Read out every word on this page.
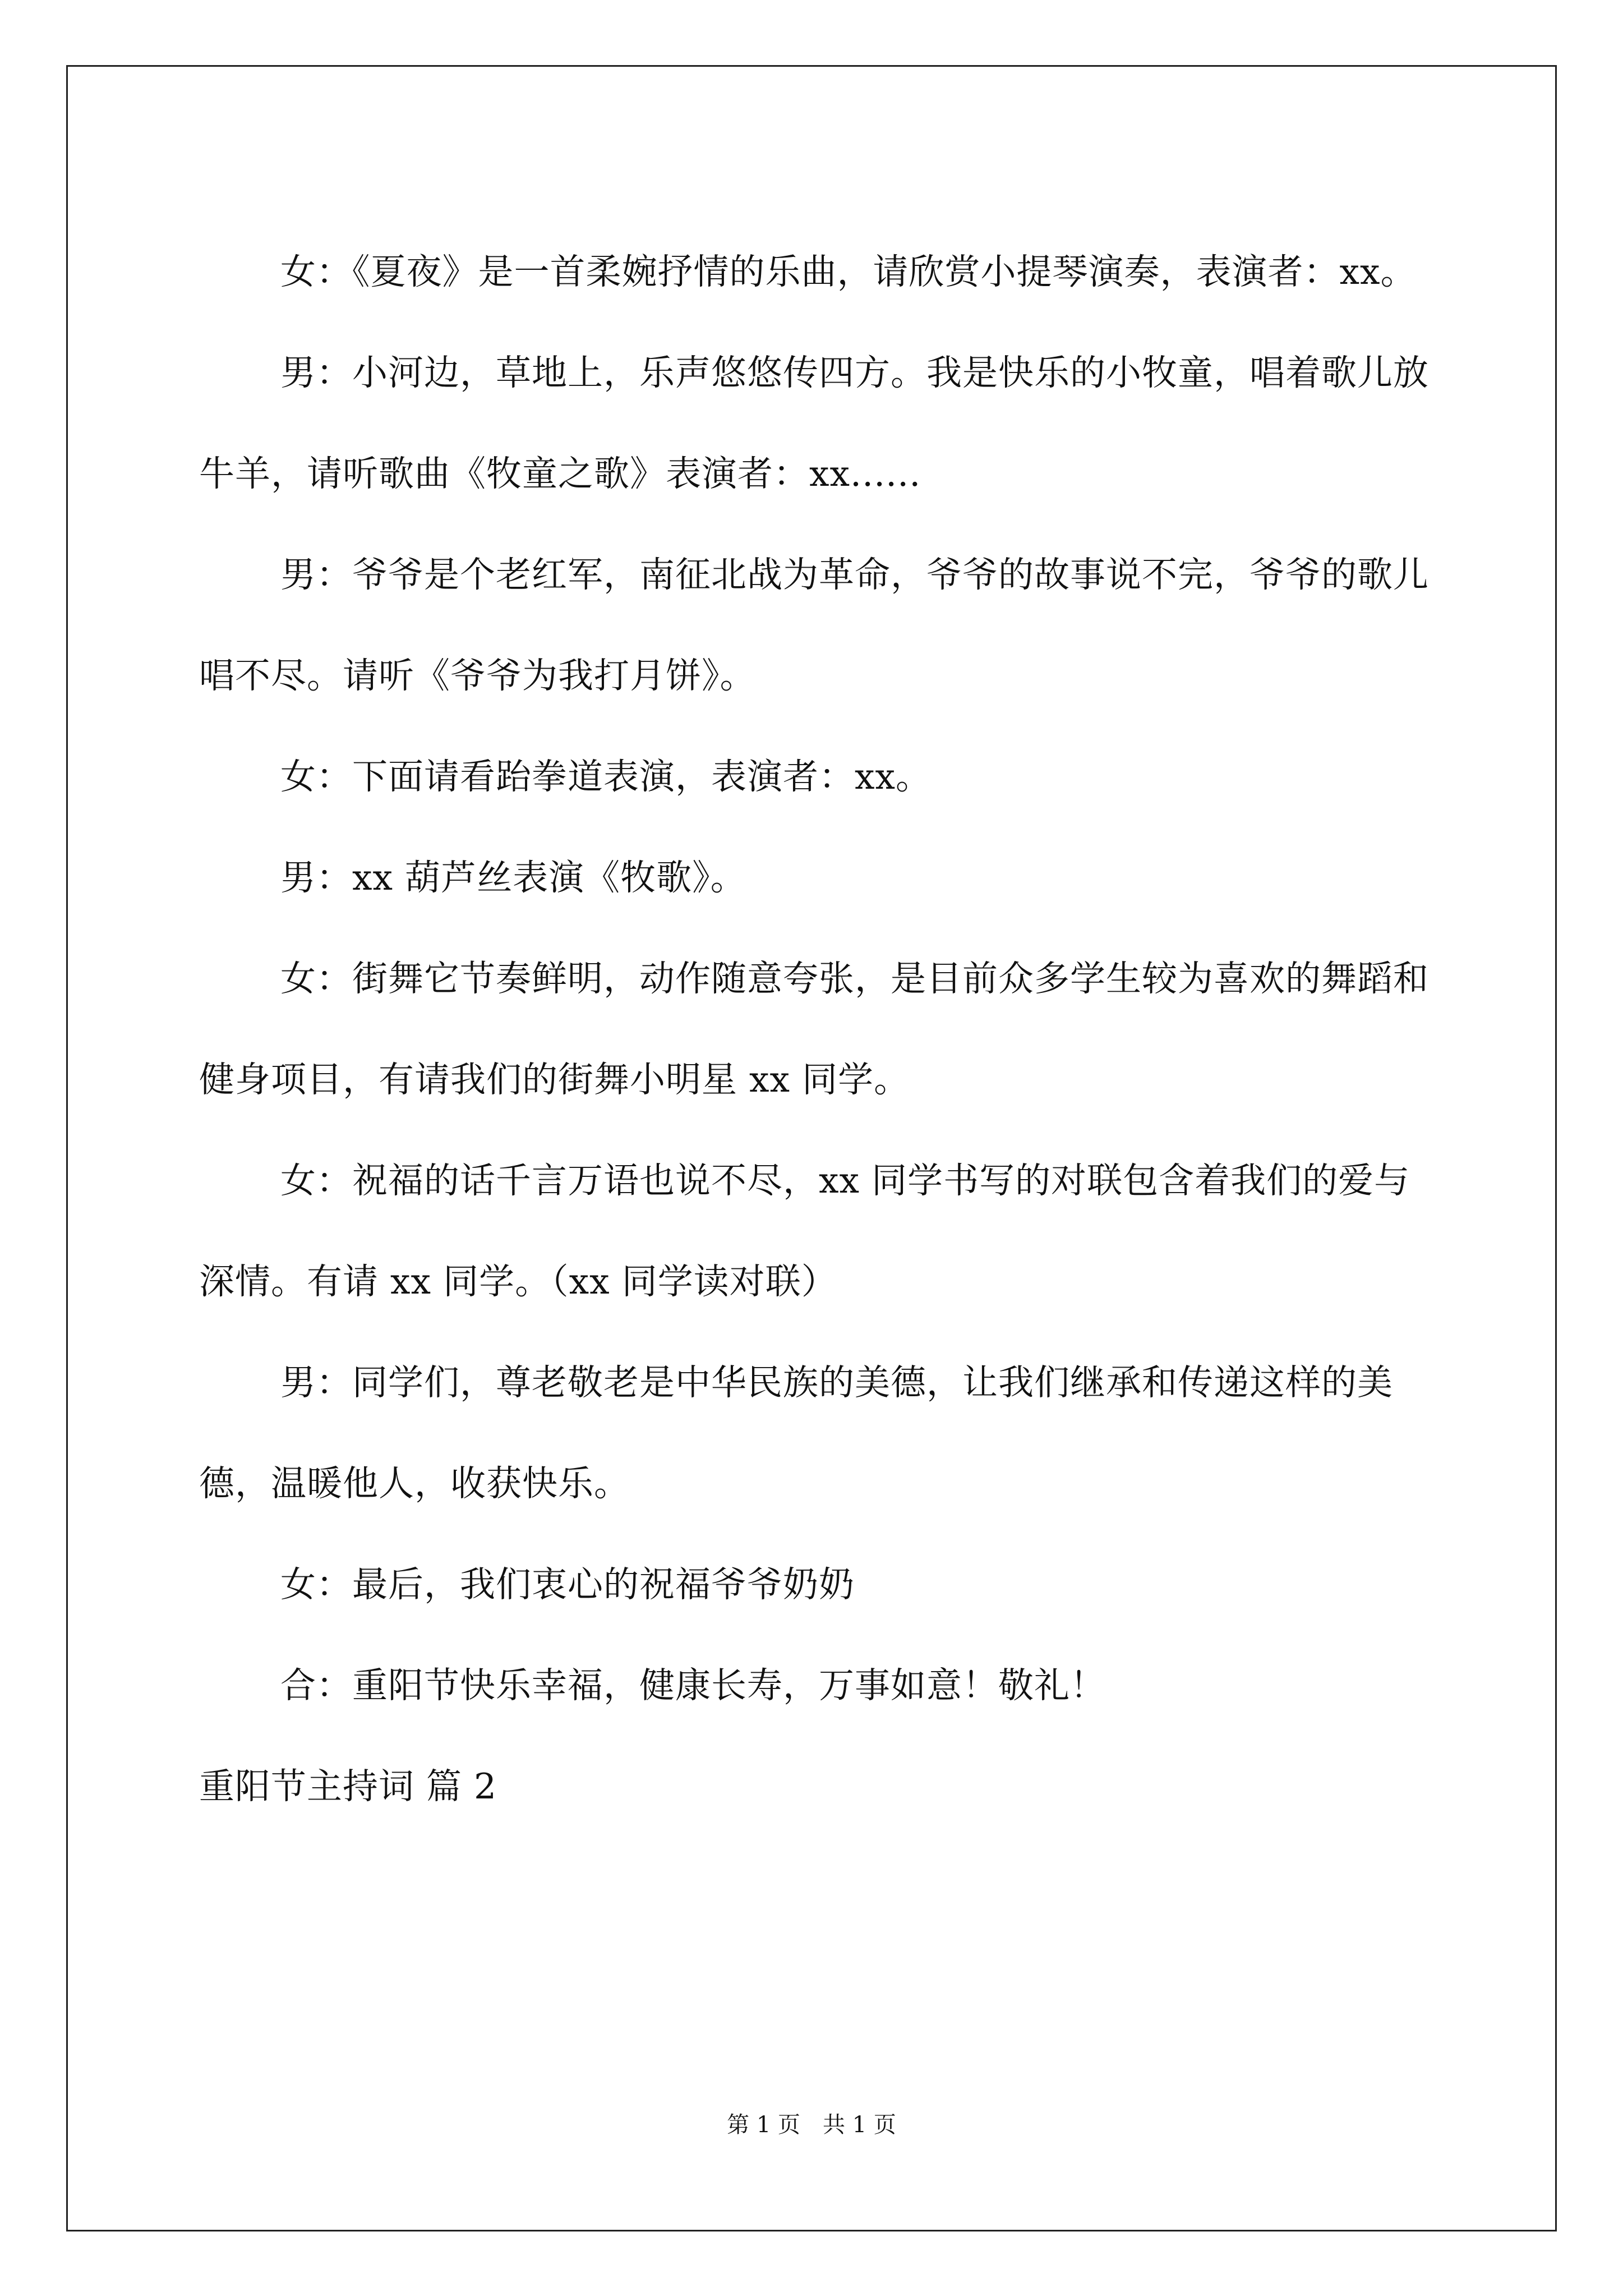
女：《夏夜》是一首柔婉抒情的乐曲，请欣赏小提琴演奏，表演者：xx。

男：小河边，草地上，乐声悠悠传四方。我是快乐的小牧童，唱着歌儿放牛羊，请听歌曲《牧童之歌》表演者：xx......

男：爷爷是个老红军，南征北战为革命，爷爷的故事说不完，爷爷的歌儿唱不尽。请听《爷爷为我打月饼》。

女：下面请看跆拳道表演，表演者：xx。

男：xx 葫芦丝表演《牧歌》。

女：街舞它节奏鲜明，动作随意夸张，是目前众多学生较为喜欢的舞蹈和健身项目，有请我们的街舞小明星 xx 同学。

女：祝福的话千言万语也说不尽，xx 同学书写的对联包含着我们的爱与深情。有请 xx 同学。（xx 同学读对联）

男：同学们，尊老敬老是中华民族的美德，让我们继承和传递这样的美德，温暖他人，收获快乐。

女：最后，我们衷心的祝福爷爷奶奶

合：重阳节快乐幸福，健康长寿，万事如意！敬礼！

重阳节主持词 篇 2

第 1 页　共 1 页
